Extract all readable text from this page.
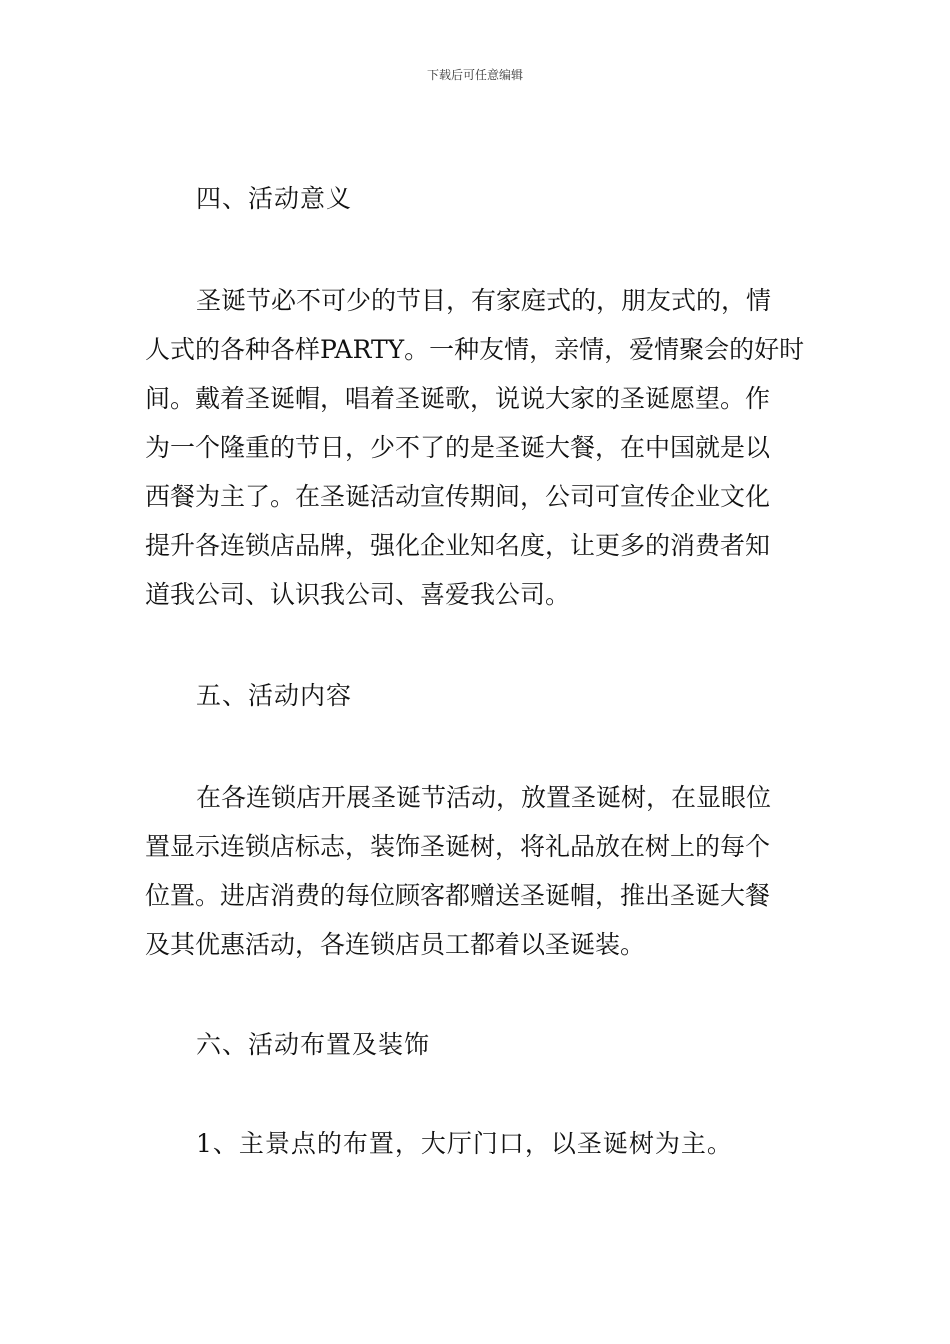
下载后可任意编辑
四、活动意义
圣诞节必不可少的节目，有家庭式的，朋友式的，情
人式的各种各样PARTY。一种友情，亲情，爱情聚会的好时
间。戴着圣诞帽，唱着圣诞歌，说说大家的圣诞愿望。作
为一个隆重的节日，少不了的是圣诞大餐，在中国就是以
西餐为主了。在圣诞活动宣传期间，公司可宣传企业文化
提升各连锁店品牌，强化企业知名度，让更多的消费者知
道我公司、认识我公司、喜爱我公司。
五、活动内容
在各连锁店开展圣诞节活动，放置圣诞树，在显眼位
置显示连锁店标志，装饰圣诞树，将礼品放在树上的每个
位置。进店消费的每位顾客都赠送圣诞帽，推出圣诞大餐
及其优惠活动，各连锁店员工都着以圣诞装。
六、活动布置及装饰
1、主景点的布置，大厅门口，以圣诞树为主。
